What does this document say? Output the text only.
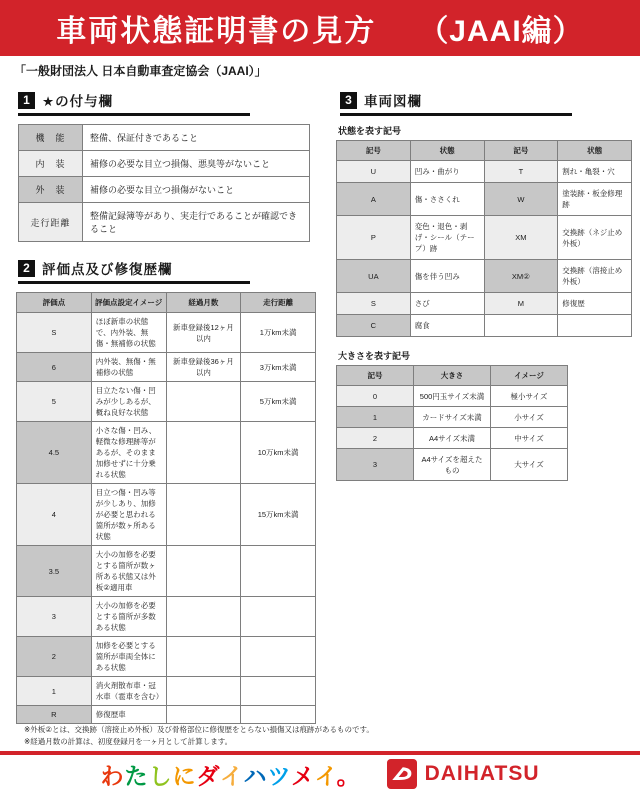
車両状態証明書の見方 （JAAI編）
「一般財団法人 日本自動車査定協会（JAAI）」
1 ★の付与欄
機　能	整備、保証付きであること
内　装	補修の必要な目立つ損傷、悪臭等がないこと
外　装	補修の必要な目立つ損傷がないこと
走行距離	整備記録簿等があり、実走行であることが確認できること
2 評価点及び修復歴欄
評価点	評価点設定イメージ	経過月数	走行距離
S	ほぼ新車の状態で、内外装、無傷・無補修の状態	新車登録後12ヶ月以内	1万km未満
6	内外装、無傷・無補修の状態	新車登録後36ヶ月以内	3万km未満
5	目立たない傷・凹みが少しあるが、概ね良好な状態		5万km未満
4.5	小さな傷・凹み、軽微な修理跡等があるが、そのまま加修せずに十分乗れる状態		10万km未満
4	目立つ傷・凹み等が少しあり、加修が必要と思われる箇所が数ヶ所ある状態		15万km未満
3.5	大小の加修を必要とする箇所が数ヶ所ある状態又は外板②適用車		
3	大小の加修を必要とする箇所が多数ある状態		
2	加修を必要とする箇所が車両全体にある状態		
1	消火剤散布車・冠水車（雹車を含む）		
R	修復歴車		
3 車両図欄
状態を表す記号
記号	状態	記号	状態
U	凹み・曲がり	T	割れ・亀裂・穴
A	傷・ささくれ	W	塗装跡・板金修理跡
P	変色・退色・剥げ・シール（テープ）跡	XM	交換跡（ネジ止め外板）
UA	傷を伴う凹み	XM②	交換跡（溶接止め外板）
S	さび	M	修復歴
C	腐食		
大きさを表す記号
記号	大きさ	イメージ
0	500円玉サイズ未満	極小サイズ
1	カードサイズ未満	小サイズ
2	A4サイズ未満	中サイズ
3	A4サイズを超えたもの	大サイズ
※外板②とは、交換跡（溶接止め外板）及び骨格部位に修復歴をとらない損傷又は痕跡があるものです。
※経過月数の計算は、初度登録月を一ヶ月として計算します。
わたしにダイハツメイ。	DAIHATSU
